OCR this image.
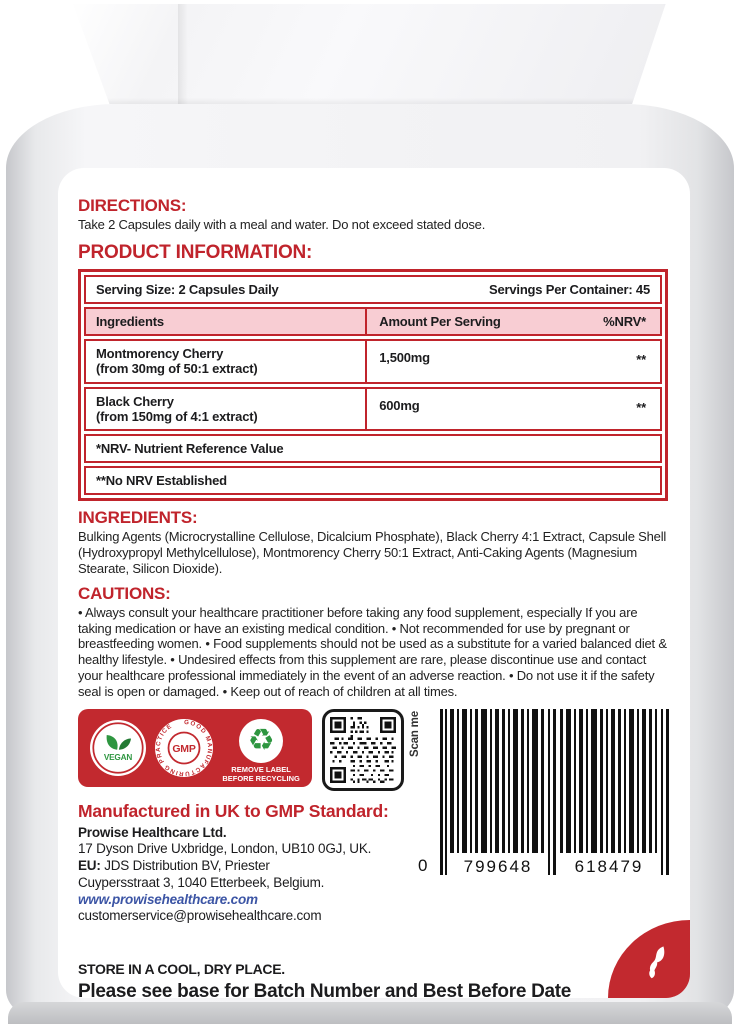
DIRECTIONS:

Take 2 Capsules daily with a meal and water. Do not exceed stated dose.

PRODUCT INFORMATION:
Serving Size: 2 Capsules Daily	Servings Per Container: 45
Ingredients	Amount Per Serving	%NRV*
Montmorency Cherry
(from 30mg of 50:1 extract)
1,500mg	**
Black Cherry
(from 150mg of 4:1 extract)
600mg	**
*NRV- Nutrient Reference Value
**No NRV Established
INGREDIENTS:

Bulking Agents (Microcrystalline Cellulose, Dicalcium Phosphate), Black Cherry 4:1 Extract, Capsule Shell (Hydroxypropyl Methylcellulose), Montmorency Cherry 50:1 Extract, Anti-Caking Agents (Magnesium Stearate, Silicon Dioxide).

CAUTIONS:

• Always consult your healthcare practitioner before taking any food supplement, especially If you are taking medication or have an existing medical condition. • Not recommended for use by pregnant or breastfeeding women. • Food supplements should not be used as a substitute for a varied balanced diet & healthy lifestyle. • Undesired effects from this supplement are rare, please discontinue use and contact your healthcare professional immediately in the event of an adverse reaction. • Do not use it if the safety seal is open or damaged. • Keep out of reach of children at all times.

VEGAN
GOOD MANUFACTURING PRACTICE
GMP ♻
REMOVE LABEL
BEFORE RECYCLING
Scan me
0 799648 618479
Manufactured in UK to GMP Standard:
Prowise Healthcare Ltd.
17 Dyson Drive Uxbridge, London, UB10 0GJ, UK.
EU: JDS Distribution BV, Priester
Cuypersstraat 3, 1040 Etterbeek, Belgium.
www.prowisehealthcare.com
customerservice@prowisehealthcare.com
STORE IN A COOL, DRY PLACE.
Please see base for Batch Number and Best Before Date
